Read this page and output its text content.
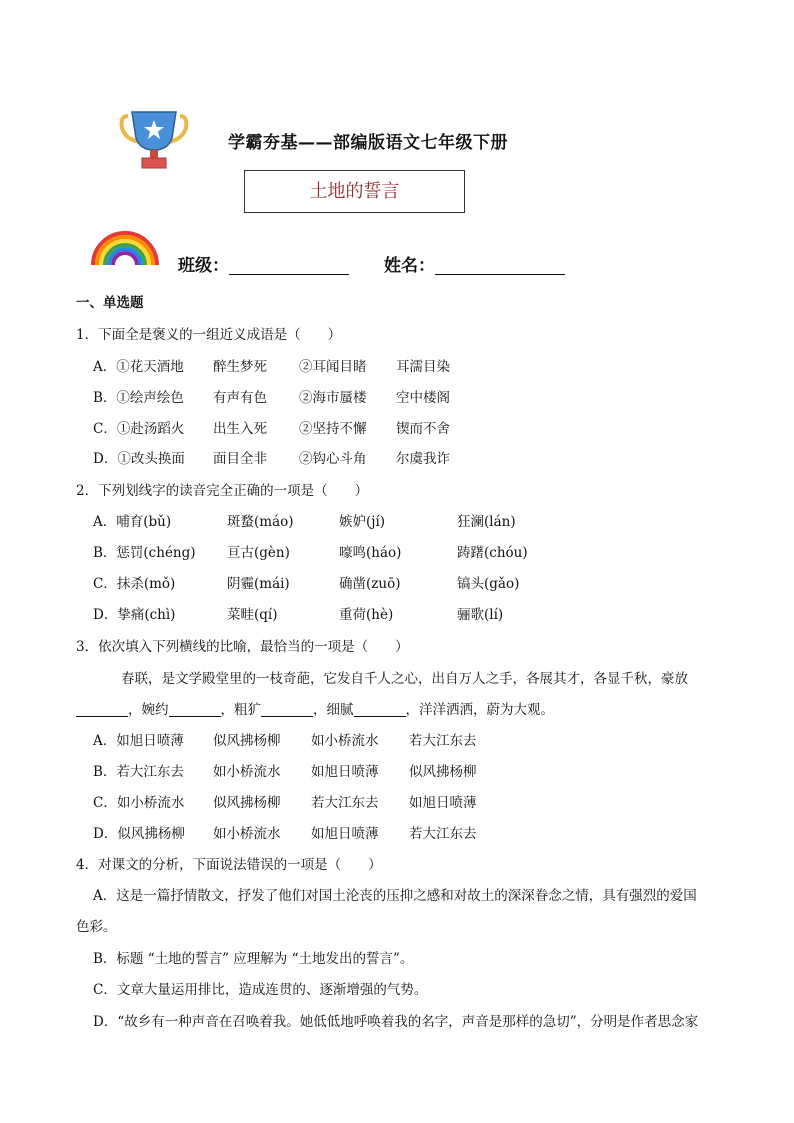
学霸夯基——部编版语文七年级下册
土地的誓言
班级：	姓名：
一、单选题
1．下面全是褒义的一组近义成语是（　　）
A．①花天酒地 醉生梦死 ②耳闻目睹 耳濡目染
B．①绘声绘色 有声有色 ②海市蜃楼 空中楼阁
C．①赴汤蹈火 出生入死 ②坚持不懈 锲而不舍
D．①改头换面 面目全非 ②钩心斗角 尔虞我诈
2．下列划线字的读音完全正确的一项是（　　）
A．哺育(bǔ)	斑蝥(máo)	嫉妒(jí)	狂澜(lán)
B．惩罚(chéng) 亘古(gèn)	嚎鸣(háo)	踌躇(chóu)
C．抹杀(mǒ)	阴霾(mái)	确凿(zuō)	镐头(gǎo)
D．挚痛(chì)	菜畦(qí)	重荷(hè)	骊歌(lí)
3．依次填入下列横线的比喻，最恰当的一项是（　　）
春联，是文学殿堂里的一枝奇葩，它发自千人之心，出自万人之手，各展其才，各显千秋，豪放
，婉约	，粗犷	，细腻	，洋洋洒洒，蔚为大观。
A．如旭日喷薄 似风拂杨柳 如小桥流水 若大江东去
B．若大江东去 如小桥流水 如旭日喷薄 似风拂杨柳
C．如小桥流水 似风拂杨柳 若大江东去 如旭日喷薄
D．似风拂杨柳 如小桥流水 如旭日喷薄 若大江东去
4．对课文的分析，下面说法错误的一项是（　　）
A．这是一篇抒情散文，抒发了他们对国土沦丧的压抑之感和对故土的深深眷念之情，具有强烈的爱国
色彩。
B．标题 “土地的誓言” 应理解为 “土地发出的誓言”。
C．文章大量运用排比，造成连贯的、逐渐增强的气势。
D．“故乡有一种声音在召唤着我。她低低地呼唤着我的名字，声音是那样的急切”，分明是作者思念家
